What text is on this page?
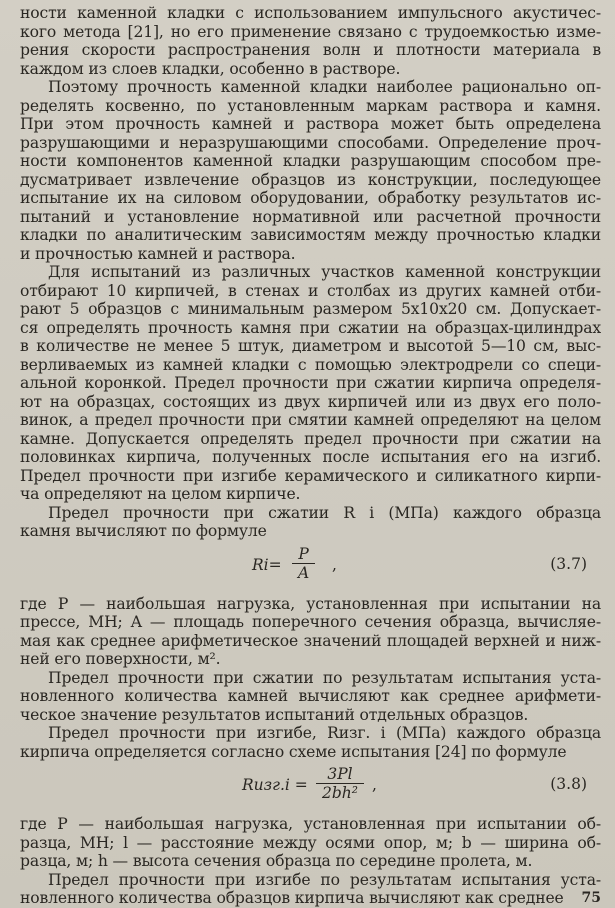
ности каменной кладки с использованием импульсного акустичес-
кого метода [21], но его применение связано с трудоемкостью изме-
рения скорости распространения волн и плотности материала в
каждом из слоев кладки, особенно в растворе.
Поэтому прочность каменной кладки наиболее рационально оп-
ределять косвенно, по установленным маркам раствора и камня.
При этом прочность камней и раствора может быть определена
разрушающими и неразрушающими способами. Определение проч-
ности компонентов каменной кладки разрушающим способом пре-
дусматривает извлечение образцов из конструкции, последующее
испытание их на силовом оборудовании, обработку результатов ис-
пытаний и установление нормативной или расчетной прочности
кладки по аналитическим зависимостям между прочностью кладки
и прочностью камней и раствора.
Для испытаний из различных участков каменной конструкции
отбирают 10 кирпичей, в стенах и столбах из других камней отби-
рают 5 образцов с минимальным размером 5x10x20 см. Допускает-
ся определять прочность камня при сжатии на образцах-цилиндрах
в количестве не менее 5 штук, диаметром и высотой 5—10 см, выс-
верливаемых из камней кладки с помощью электродрели со специ-
альной коронкой. Предел прочности при сжатии кирпича определя-
ют на образцах, состоящих из двух кирпичей или из двух его поло-
винок, а предел прочности при смятии камней определяют на целом
камне. Допускается определять предел прочности при сжатии на
половинках кирпича, полученных после испытания его на изгиб.
Предел прочности при изгибе керамического и силикатного кирпи-
ча определяют на целом кирпиче.
Предел прочности при сжатии R i (МПа) каждого образца
камня вычисляют по формуле
$Ri= \frac{P}{A}$ ,	(3.7)
где P — наибольшая нагрузка, установленная при испытании на
прессе, МН; A — площадь поперечного сечения образца, вычисляе-
мая как среднее арифметическое значений площадей верхней и ниж-
ней его поверхности, м².
Предел прочности при сжатии по результатам испытания уста-
новленного количества камней вычисляют как среднее арифмети-
ческое значение результатов испытаний отдельных образцов.
Предел прочности при изгибе, Rизг. i (МПа) каждого образца
кирпича определяется согласно схеме испытания [24] по формуле
Rизг.i = $\frac{3Pl}{\text{2bh²}}$ ,	(3.8)
где P — наибольшая нагрузка, установленная при испытании об-
разца, МН; l — расстояние между осями опор, м; b — ширина об-
разца, м; h — высота сечения образца по середине пролета, м.
Предел прочности при изгибе по результатам испытания уста-
новленного количества образцов кирпича вычисляют как среднее	75
